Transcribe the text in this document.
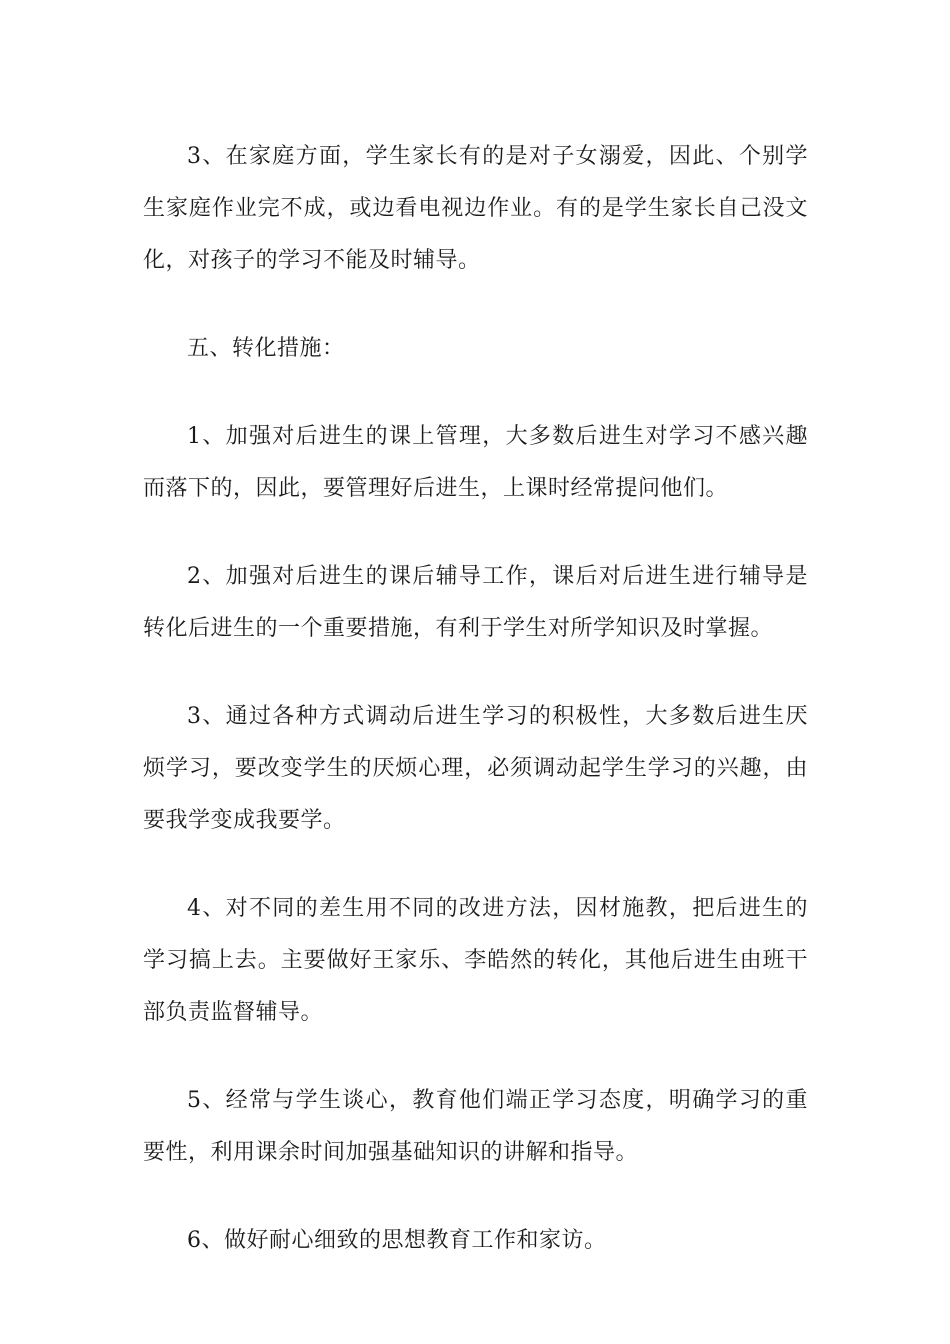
3、在家庭方面，学生家长有的是对子女溺爱，因此、个别学生家庭作业完不成，或边看电视边作业。有的是学生家长自己没文化，对孩子的学习不能及时辅导。

五、转化措施：

1、加强对后进生的课上管理，大多数后进生对学习不感兴趣而落下的，因此，要管理好后进生，上课时经常提问他们。

2、加强对后进生的课后辅导工作，课后对后进生进行辅导是转化后进生的一个重要措施，有利于学生对所学知识及时掌握。

3、通过各种方式调动后进生学习的积极性，大多数后进生厌烦学习，要改变学生的厌烦心理，必须调动起学生学习的兴趣，由要我学变成我要学。

4、对不同的差生用不同的改进方法，因材施教，把后进生的学习搞上去。主要做好王家乐、李皓然的转化，其他后进生由班干部负责监督辅导。

5、经常与学生谈心，教育他们端正学习态度，明确学习的重要性，利用课余时间加强基础知识的讲解和指导。

6、做好耐心细致的思想教育工作和家访。
